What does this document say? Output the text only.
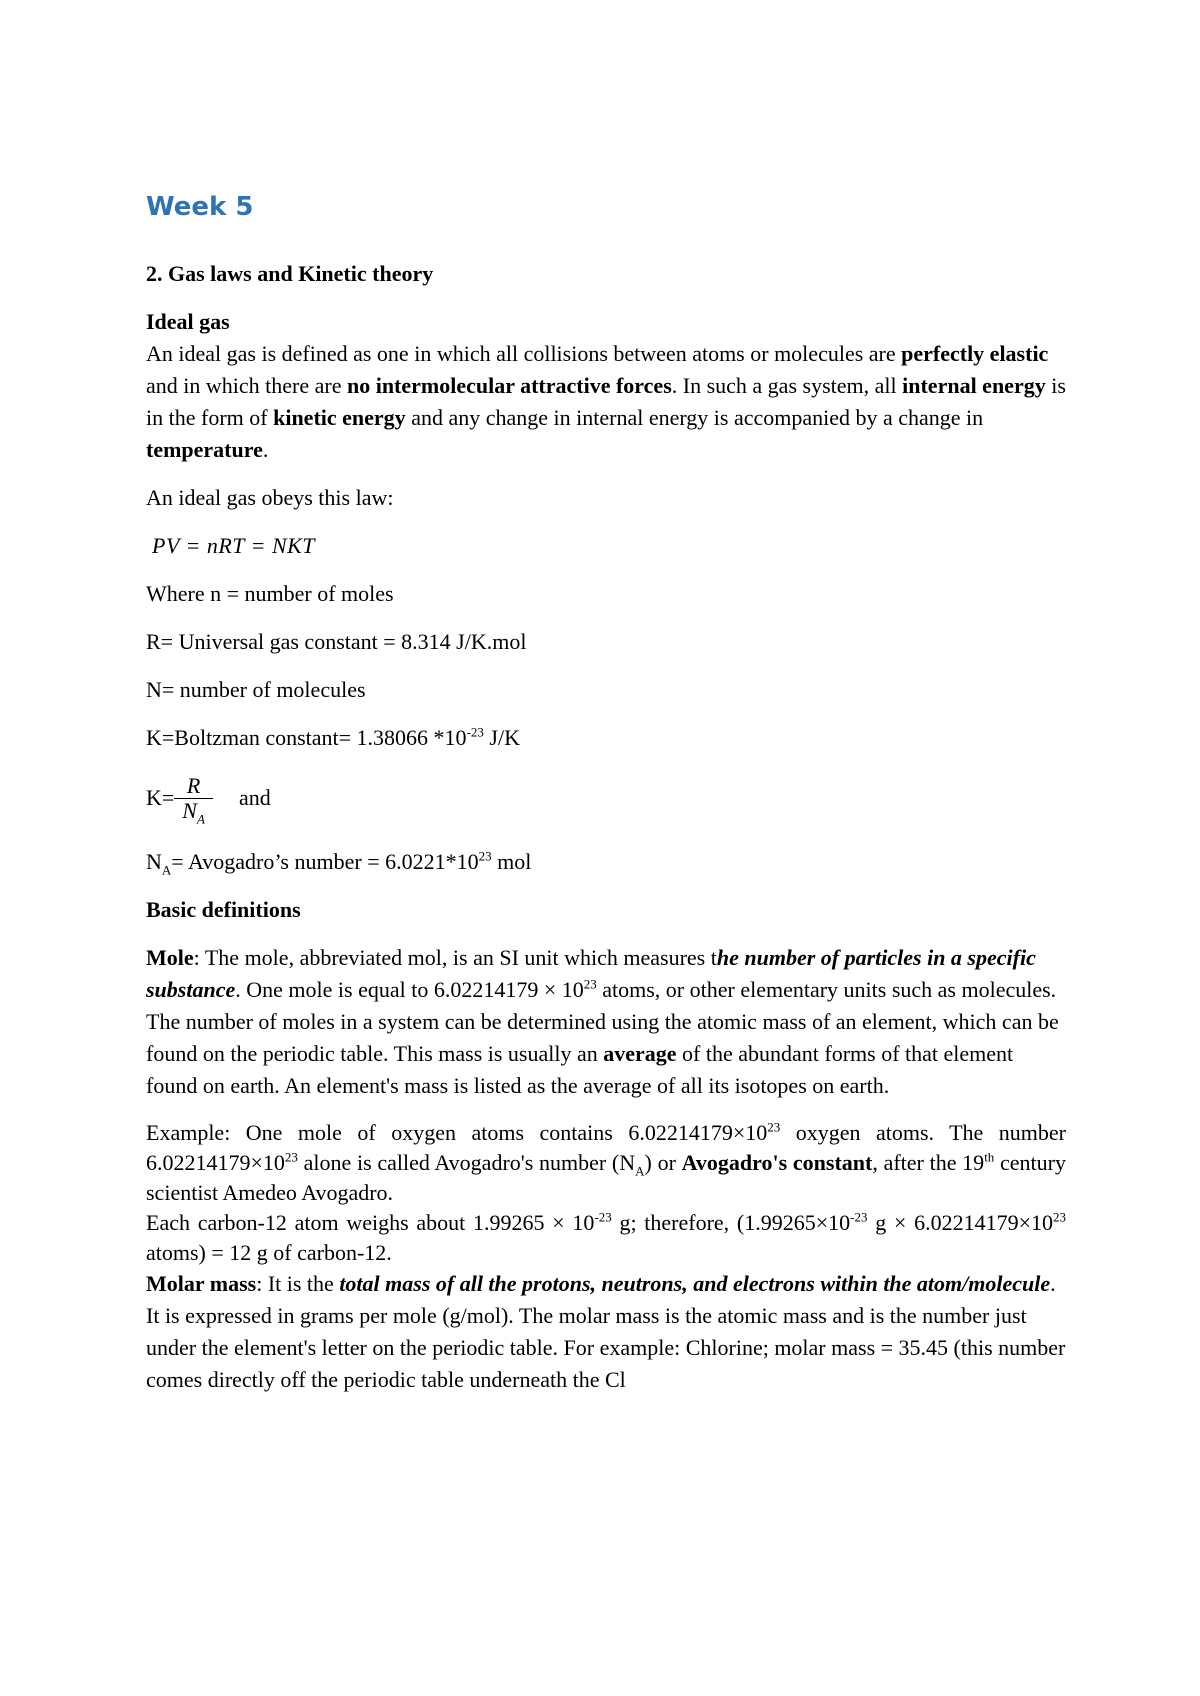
Week 5

2. Gas laws and Kinetic theory

Ideal gas

An ideal gas is defined as one in which all collisions between atoms or molecules are perfectly elastic and in which there are no intermolecular attractive forces. In such a gas system, all internal energy is in the form of kinetic energy and any change in internal energy is accompanied by a change in temperature.

An ideal gas obeys this law:

PV = nRT = NKT

Where n = number of moles

R= Universal gas constant = 8.314 J/K.mol

N= number of molecules

K=Boltzman constant= 1.38066 $*10^{-23}$ J/K

$K= \frac{R}{N_A}$ and

$N_A=$ Avogadro’s number = $6.0221*10^{23}$ mol

Basic definitions

Mole: The mole, abbreviated mol, is an SI unit which measures the number of particles in a specific substance. One mole is equal to $6.02214179 \times 10^{23}$ atoms, or other elementary units such as molecules. The number of moles in a system can be determined using the atomic mass of an element, which can be found on the periodic table. This mass is usually an average of the abundant forms of that element found on earth. An element's mass is listed as the average of all its isotopes on earth.

Example: One mole of oxygen atoms contains $6.02214179\times 10^{23}$ oxygen atoms. The number $6.02214179\times 10^{23}$ alone is called Avogadro's number $(N_A)$ or Avogadro's constant, after the 19th century scientist Amedeo Avogadro.

Each carbon-12 atom weighs about $1.99265 \times 10^{-23}$ g; therefore, ($1.99265\times 10^{-23}$ $g \times 6.02214179\times 10^{23}$ atoms) = 12 g of carbon-12.

Molar mass: It is the total mass of all the protons, neutrons, and electrons within the atom/molecule. It is expressed in grams per mole (g/mol). The molar mass is the atomic mass and is the number just under the element's letter on the periodic table. For example: Chlorine; molar mass = 35.45 (this number comes directly off the periodic table underneath the Cl
